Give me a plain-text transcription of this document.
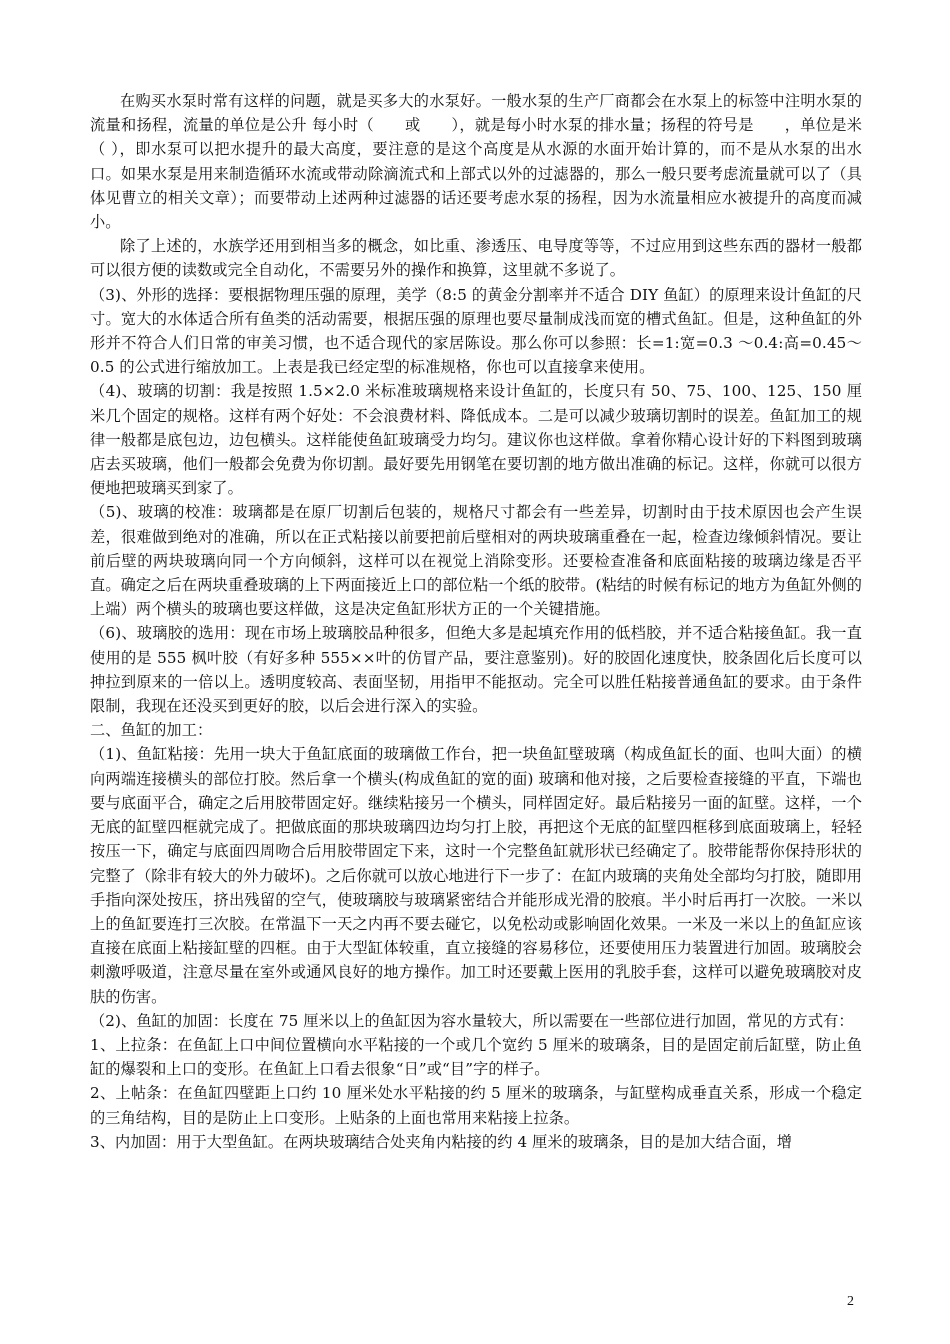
在购买水泵时常有这样的问题，就是买多大的水泵好。一般水泵的生产厂商都会在水泵上的标签中注明水泵的流量和扬程，流量的单位是公升 每小时（　　或　　），就是每小时水泵的排水量；扬程的符号是　　，单位是米（ ），即水泵可以把水提升的最大高度，要注意的是这个高度是从水源的水面开始计算的，而不是从水泵的出水口。如果水泵是用来制造循环水流或带动除滴流式和上部式以外的过滤器的，那么一般只要考虑流量就可以了（具体见曹立的相关文章）；而要带动上述两种过滤器的话还要考虑水泵的扬程，因为水流量相应水被提升的高度而减小。

除了上述的，水族学还用到相当多的概念，如比重、渗透压、电导度等等，不过应用到这些东西的器材一般都可以很方便的读数或完全自动化，不需要另外的操作和换算，这里就不多说了。

（3)、外形的选择：要根据物理压强的原理，美学（8:5 的黄金分割率并不适合 DIY 鱼缸）的原理来设计鱼缸的尺寸。宽大的水体适合所有鱼类的活动需要，根据压强的原理也要尽量制成浅而宽的槽式鱼缸。但是，这种鱼缸的外形并不符合人们日常的审美习惯，也不适合现代的家居陈设。那么你可以参照：长=1:宽=0.3 ～0.4:高=0.45～0.5 的公式进行缩放加工。上表是我已经定型的标准规格，你也可以直接拿来使用。

（4)、玻璃的切割：我是按照 1.5×2.0 米标准玻璃规格来设计鱼缸的，长度只有 50、75、100、125、150 厘米几个固定的规格。这样有两个好处：不会浪费材料、降低成本。二是可以减少玻璃切割时的误差。鱼缸加工的规律一般都是底包边，边包横头。这样能使鱼缸玻璃受力均匀。建议你也这样做。拿着你精心设计好的下料图到玻璃店去买玻璃，他们一般都会免费为你切割。最好要先用钢笔在要切割的地方做出准确的标记。这样，你就可以很方便地把玻璃买到家了。

（5)、玻璃的校准：玻璃都是在原厂切割后包装的，规格尺寸都会有一些差异，切割时由于技术原因也会产生误差，很难做到绝对的准确，所以在正式粘接以前要把前后壁相对的两块玻璃重叠在一起，检查边缘倾斜情况。要让前后壁的两块玻璃向同一个方向倾斜，这样可以在视觉上消除变形。还要检查准备和底面粘接的玻璃边缘是否平直。确定之后在两块重叠玻璃的上下两面接近上口的部位粘一个纸的胶带。(粘结的时候有标记的地方为鱼缸外侧的上端）两个横头的玻璃也要这样做，这是决定鱼缸形状方正的一个关键措施。

（6)、玻璃胶的选用：现在市场上玻璃胶品种很多，但绝大多是起填充作用的低档胶，并不适合粘接鱼缸。我一直使用的是 555 枫叶胶（有好多种 555××叶的仿冒产品，要注意鉴别)。好的胶固化速度快，胶条固化后长度可以抻拉到原来的一倍以上。透明度较高、表面坚韧，用指甲不能抠动。完全可以胜任粘接普通鱼缸的要求。由于条件限制，我现在还没买到更好的胶，以后会进行深入的实验。

二、鱼缸的加工：

（1)、鱼缸粘接：先用一块大于鱼缸底面的玻璃做工作台，把一块鱼缸壁玻璃（构成鱼缸长的面、也叫大面）的横向两端连接横头的部位打胶。然后拿一个横头(构成鱼缸的宽的面) 玻璃和他对接，之后要检查接缝的平直，下端也要与底面平合，确定之后用胶带固定好。继续粘接另一个横头，同样固定好。最后粘接另一面的缸壁。这样，一个无底的缸壁四框就完成了。把做底面的那块玻璃四边均匀打上胶，再把这个无底的缸壁四框移到底面玻璃上，轻轻按压一下，确定与底面四周吻合后用胶带固定下来，这时一个完整鱼缸就形状已经确定了。胶带能帮你保持形状的完整了（除非有较大的外力破坏)。之后你就可以放心地进行下一步了：在缸内玻璃的夹角处全部均匀打胶，随即用手指向深处按压，挤出残留的空气，使玻璃胶与玻璃紧密结合并能形成光滑的胶痕。半小时后再打一次胶。一米以上的鱼缸要连打三次胶。在常温下一天之内再不要去碰它，以免松动或影响固化效果。一米及一米以上的鱼缸应该直接在底面上粘接缸壁的四框。由于大型缸体较重，直立接缝的容易移位，还要使用压力装置进行加固。玻璃胶会刺激呼吸道，注意尽量在室外或通风良好的地方操作。加工时还要戴上医用的乳胶手套，这样可以避免玻璃胶对皮肤的伤害。

（2)、鱼缸的加固：长度在 75 厘米以上的鱼缸因为容水量较大，所以需要在一些部位进行加固，常见的方式有：

1、上拉条：在鱼缸上口中间位置横向水平粘接的一个或几个宽约 5 厘米的玻璃条，目的是固定前后缸壁，防止鱼缸的爆裂和上口的变形。在鱼缸上口看去很象“日”或“目”字的样子。

2、上帖条：在鱼缸四壁距上口约 10 厘米处水平粘接的约 5 厘米的玻璃条，与缸壁构成垂直关系，形成一个稳定的三角结构，目的是防止上口变形。上贴条的上面也常用来粘接上拉条。

3、内加固：用于大型鱼缸。在两块玻璃结合处夹角内粘接的约 4 厘米的玻璃条，目的是加大结合面，增

2
